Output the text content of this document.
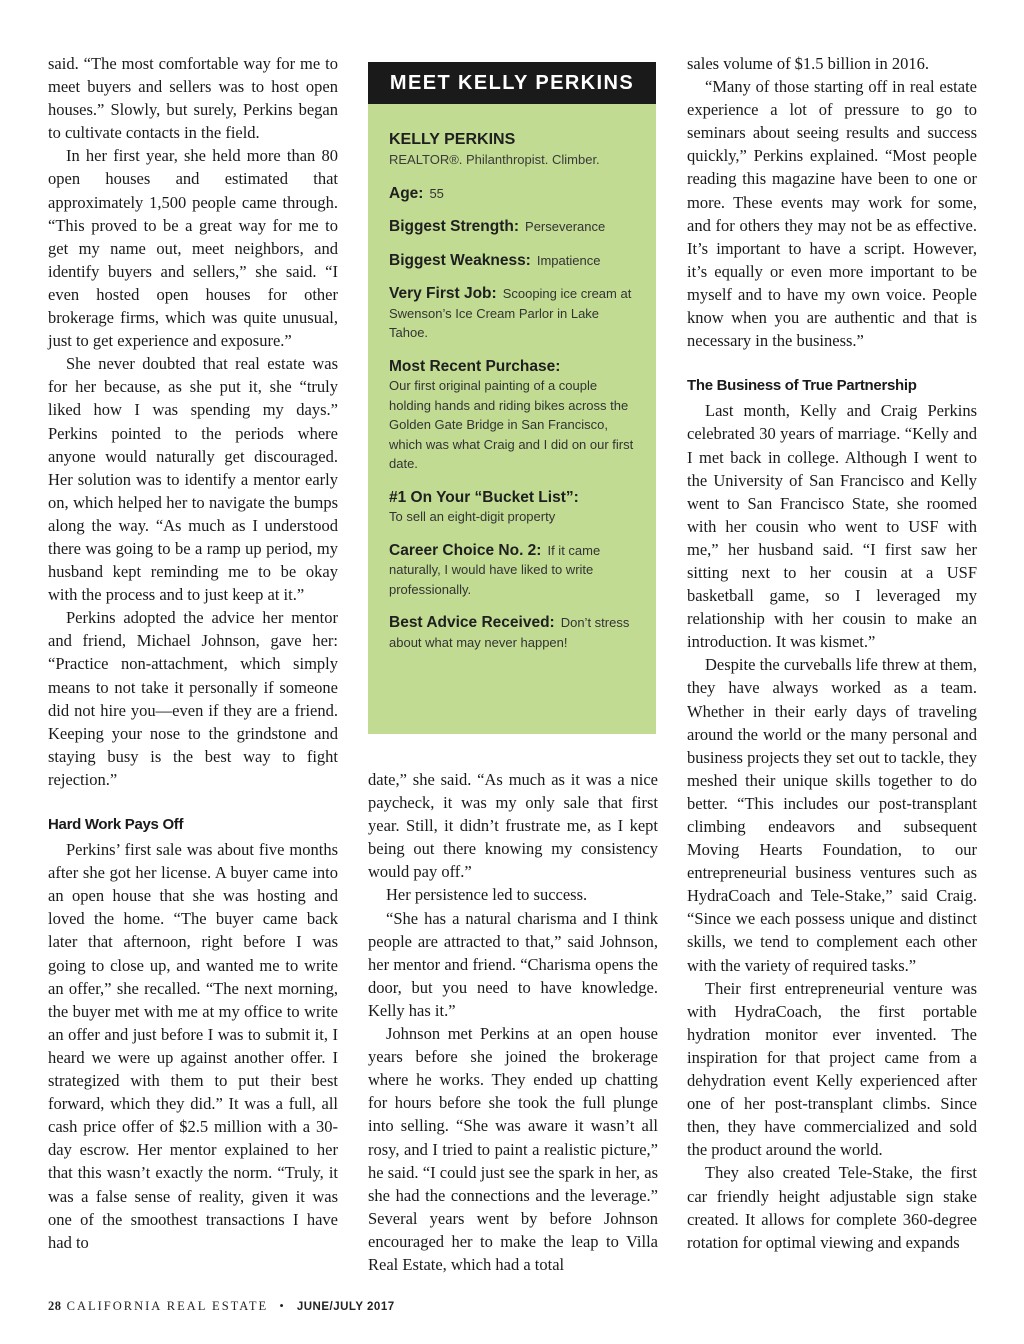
said. “The most comfortable way for me to meet buyers and sellers was to host open houses.” Slowly, but surely, Perkins began to cultivate contacts in the field.

In her first year, she held more than 80 open houses and estimated that approximately 1,500 people came through. “This proved to be a great way for me to get my name out, meet neighbors, and identify buyers and sellers,” she said. “I even hosted open houses for other brokerage firms, which was quite unusual, just to get experience and exposure.”

She never doubted that real estate was for her because, as she put it, she “truly liked how I was spending my days.” Perkins pointed to the periods where anyone would naturally get discouraged. Her solution was to identify a mentor early on, which helped her to navigate the bumps along the way. “As much as I understood there was going to be a ramp up period, my husband kept reminding me to be okay with the process and to just keep at it.”

Perkins adopted the advice her mentor and friend, Michael Johnson, gave her: “Practice non-attachment, which simply means to not take it personally if someone did not hire you—even if they are a friend. Keeping your nose to the grindstone and staying busy is the best way to fight rejection.”

Hard Work Pays Off

Perkins’ first sale was about five months after she got her license. A buyer came into an open house that she was hosting and loved the home. “The buyer came back later that afternoon, right before I was going to close up, and wanted me to write an offer,” she recalled. “The next morning, the buyer met with me at my office to write an offer and just before I was to submit it, I heard we were up against another offer. I strategized with them to put their best forward, which they did.” It was a full, all cash price offer of $2.5 million with a 30-day escrow. Her mentor explained to her that this wasn’t exactly the norm. “Truly, it was a false sense of reality, given it was one of the smoothest transactions I have had to

MEET KELLY PERKINS
KELLY PERKINS
REALTOR®. Philanthropist. Climber.
Age: 55
Biggest Strength: Perseverance
Biggest Weakness: Impatience
Very First Job: Scooping ice cream at Swenson’s Ice Cream Parlor in Lake Tahoe.
Most Recent Purchase:
Our first original painting of a couple holding hands and riding bikes across the Golden Gate Bridge in San Francisco, which was what Craig and I did on our first date.
#1 On Your “Bucket List”:
To sell an eight-digit property
Career Choice No. 2: If it came naturally, I would have liked to write professionally.
Best Advice Received: Don’t stress about what may never happen!

date,” she said. “As much as it was a nice paycheck, it was my only sale that first year. Still, it didn’t frustrate me, as I kept being out there knowing my consistency would pay off.”

Her persistence led to success.

“She has a natural charisma and I think people are attracted to that,” said Johnson, her mentor and friend. “Charisma opens the door, but you need to have knowledge. Kelly has it.”

Johnson met Perkins at an open house years before she joined the brokerage where he works. They ended up chatting for hours before she took the full plunge into selling. “She was aware it wasn’t all rosy, and I tried to paint a realistic picture,” he said. “I could just see the spark in her, as she had the connections and the leverage.” Several years went by before Johnson encouraged her to make the leap to Villa Real Estate, which had a total

sales volume of $1.5 billion in 2016.

“Many of those starting off in real estate experience a lot of pressure to go to seminars about seeing results and success quickly,” Perkins explained. “Most people reading this magazine have been to one or more. These events may work for some, and for others they may not be as effective. It’s important to have a script. However, it’s equally or even more important to be myself and to have my own voice. People know when you are authentic and that is necessary in the business.”

The Business of True Partnership

Last month, Kelly and Craig Perkins celebrated 30 years of marriage. “Kelly and I met back in college. Although I went to the University of San Francisco and Kelly went to San Francisco State, she roomed with her cousin who went to USF with me,” her husband said. “I first saw her sitting next to her cousin at a USF basketball game, so I leveraged my relationship with her cousin to make an introduction. It was kismet.”

Despite the curveballs life threw at them, they have always worked as a team. Whether in their early days of traveling around the world or the many personal and business projects they set out to tackle, they meshed their unique skills together to do better. “This includes our post-transplant climbing endeavors and subsequent Moving Hearts Foundation, to our entrepreneurial business ventures such as HydraCoach and Tele-Stake,” said Craig. “Since we each possess unique and distinct skills, we tend to complement each other with the variety of required tasks.”

Their first entrepreneurial venture was with HydraCoach, the first portable hydration monitor ever invented. The inspiration for that project came from a dehydration event Kelly experienced after one of her post-transplant climbs. Since then, they have commercialized and sold the product around the world.

They also created Tele-Stake, the first car friendly height adjustable sign stake created. It allows for complete 360-degree rotation for optimal viewing and expands

28 CALIFORNIA REAL ESTATE • JUNE/JULY 2017
